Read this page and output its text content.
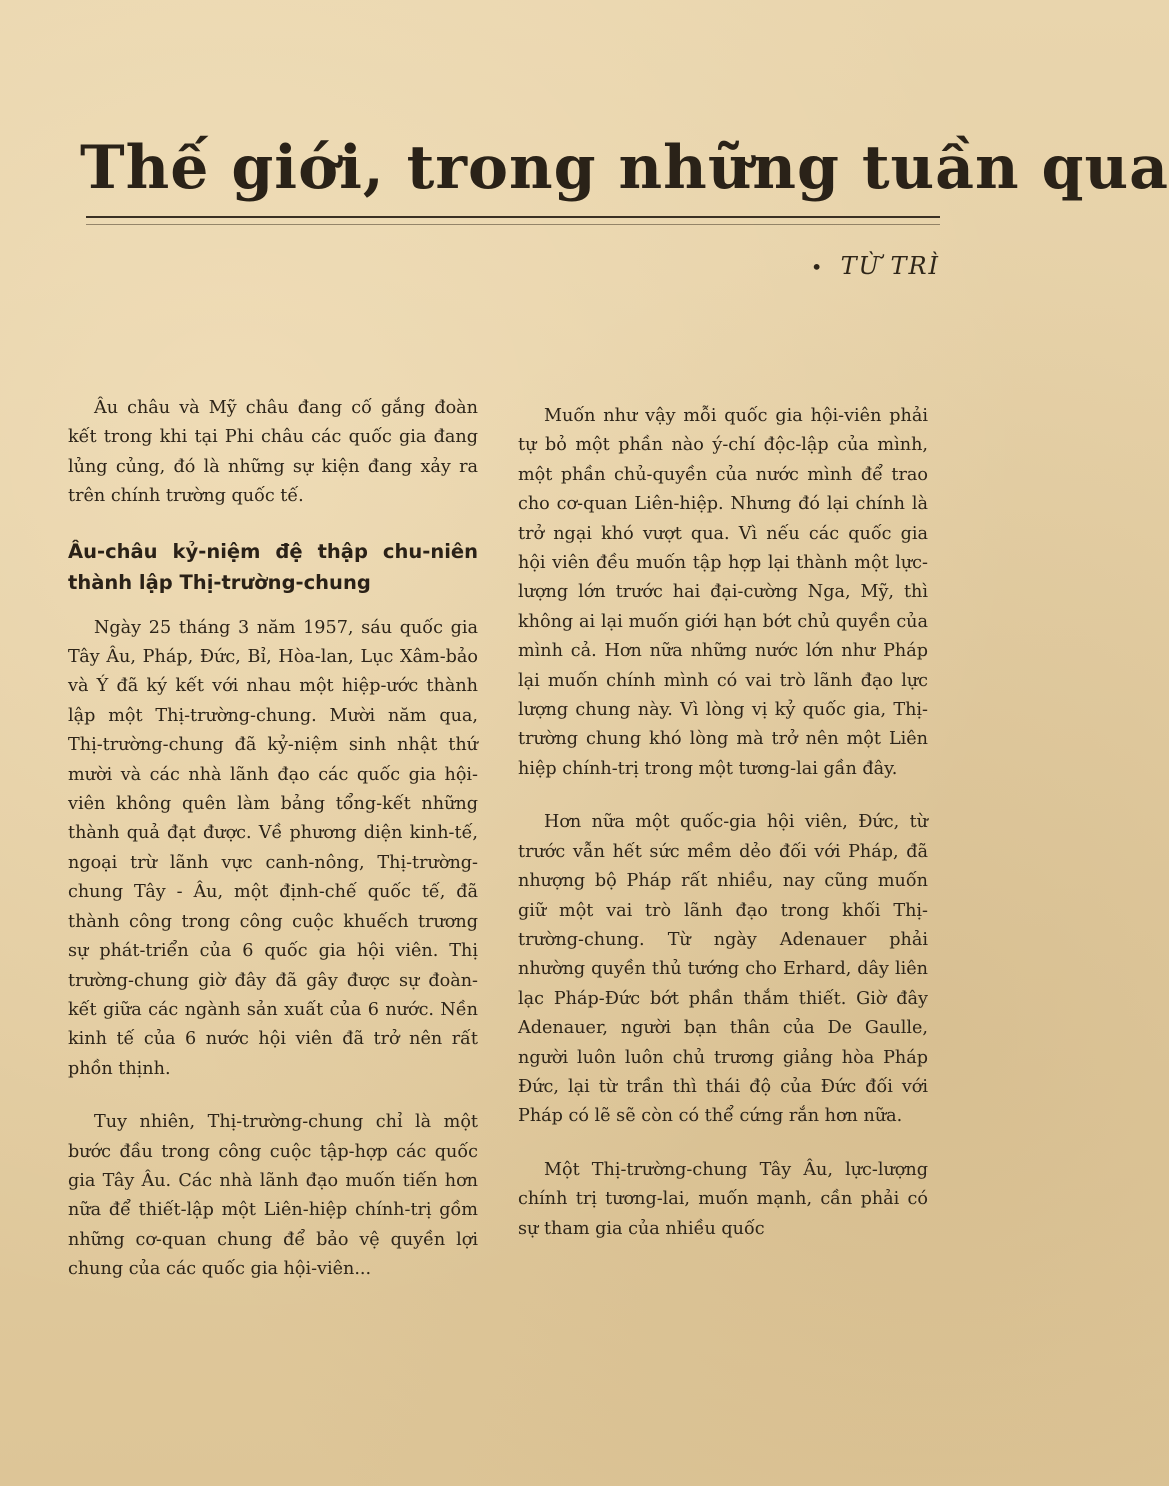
Thế giới, trong những tuần qua
• TỪ TRÌ

Âu châu và Mỹ châu đang cố gắng đoàn kết trong khi tại Phi châu các quốc gia đang lủng củng, đó là những sự kiện đang xảy ra trên chính trường quốc tế.

Âu-châu kỷ-niệm đệ thập chu-niên thành lập Thị-trường-chung

Ngày 25 tháng 3 năm 1957, sáu quốc gia Tây Âu, Pháp, Đức, Bỉ, Hòa-lan, Lục Xâm-bảo và Ý đã ký kết với nhau một hiệp-ước thành lập một Thị-trường-chung. Mười năm qua, Thị-trường-chung đã kỷ-niệm sinh nhật thứ mười và các nhà lãnh đạo các quốc gia hội-viên không quên làm bảng tổng-kết những thành quả đạt được. Về phương diện kinh-tế, ngoại trừ lãnh vực canh-nông, Thị-trường-chung Tây - Âu, một định-chế quốc tế, đã thành công trong công cuộc khuếch trương sự phát-triển của 6 quốc gia hội viên. Thị trường-chung giờ đây đã gây được sự đoàn-kết giữa các ngành sản xuất của 6 nước. Nền kinh tế của 6 nước hội viên đã trở nên rất phồn thịnh.

Tuy nhiên, Thị-trường-chung chỉ là một bước đầu trong công cuộc tập-hợp các quốc gia Tây Âu. Các nhà lãnh đạo muốn tiến hơn nữa để thiết-lập một Liên-hiệp chính-trị gồm những cơ-quan chung để bảo vệ quyền lợi chung của các quốc gia hội-viên...

Muốn như vậy mỗi quốc gia hội-viên phải tự bỏ một phần nào ý-chí độc-lập của mình, một phần chủ-quyền của nước mình để trao cho cơ-quan Liên-hiệp. Nhưng đó lại chính là trở ngại khó vượt qua. Vì nếu các quốc gia hội viên đều muốn tập hợp lại thành một lực-lượng lớn trước hai đại-cường Nga, Mỹ, thì không ai lại muốn giới hạn bớt chủ quyền của mình cả. Hơn nữa những nước lớn như Pháp lại muốn chính mình có vai trò lãnh đạo lực lượng chung này. Vì lòng vị kỷ quốc gia, Thị-trường chung khó lòng mà trở nên một Liên hiệp chính-trị trong một tương-lai gần đây.

Hơn nữa một quốc-gia hội viên, Đức, từ trước vẫn hết sức mềm dẻo đối với Pháp, đã nhượng bộ Pháp rất nhiều, nay cũng muốn giữ một vai trò lãnh đạo trong khối Thị-trường-chung. Từ ngày Adenauer phải nhường quyền thủ tướng cho Erhard, dây liên lạc Pháp-Đức bớt phần thắm thiết. Giờ đây Adenauer, người bạn thân của De Gaulle, người luôn luôn chủ trương giảng hòa Pháp Đức, lại từ trần thì thái độ của Đức đối với Pháp có lẽ sẽ còn có thể cứng rắn hơn nữa.

Một Thị-trường-chung Tây Âu, lực-lượng chính trị tương-lai, muốn mạnh, cần phải có sự tham gia của nhiều quốc
